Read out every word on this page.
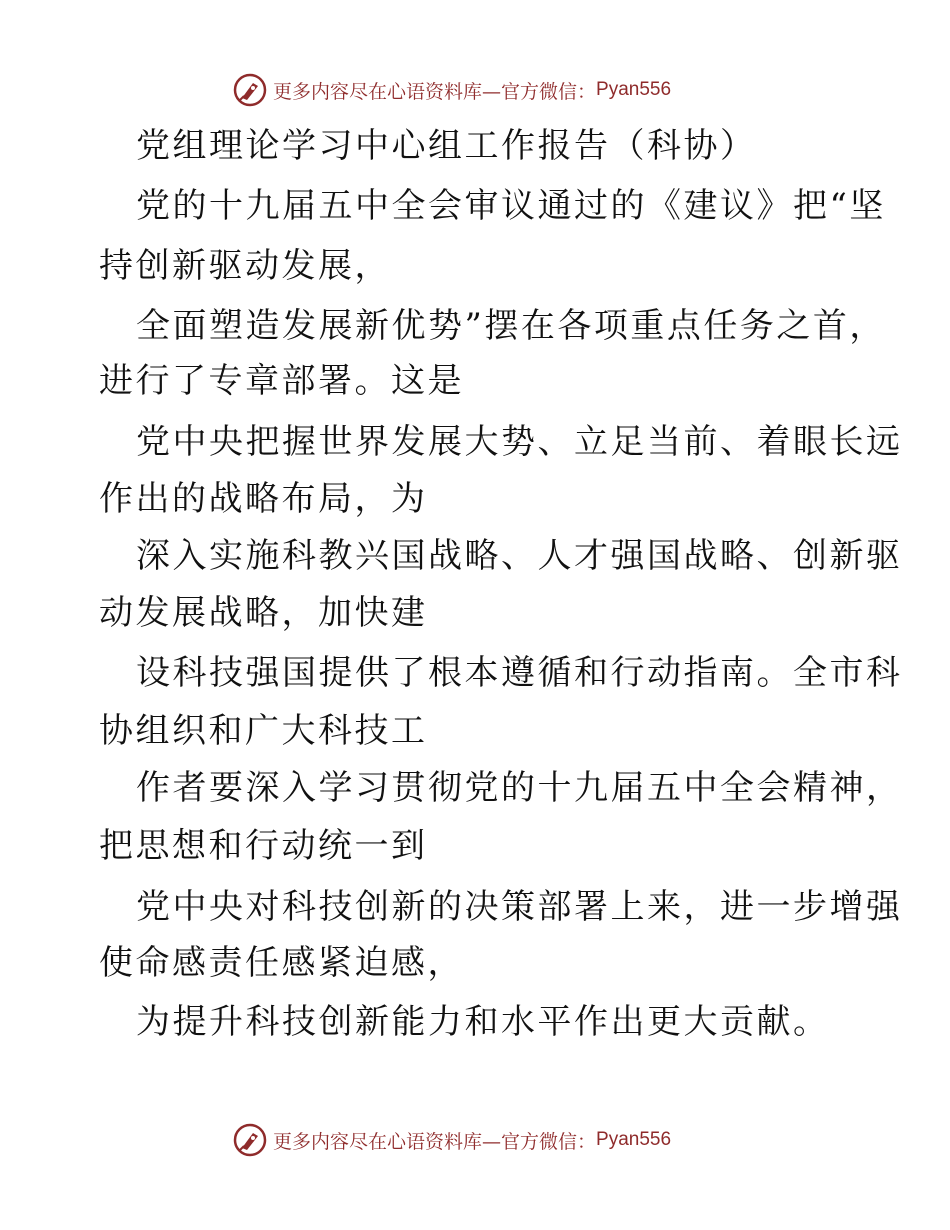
更多内容尽在心语资料库—官方微信： Pyan556
党组理论学习中心组工作报告（科协）
党的十九届五中全会审议通过的《建议》把“坚
持创新驱动发展，
全面塑造发展新优势”摆在各项重点任务之首，
进行了专章部署。这是
党中央把握世界发展大势、立足当前、着眼长远
作出的战略布局，为
深入实施科教兴国战略、人才强国战略、创新驱
动发展战略，加快建
设科技强国提供了根本遵循和行动指南。全市科
协组织和广大科技工
作者要深入学习贯彻党的十九届五中全会精神，
把思想和行动统一到
党中央对科技创新的决策部署上来，进一步增强
使命感责任感紧迫感，
为提升科技创新能力和水平作出更大贡献。
更多内容尽在心语资料库—官方微信： Pyan556
